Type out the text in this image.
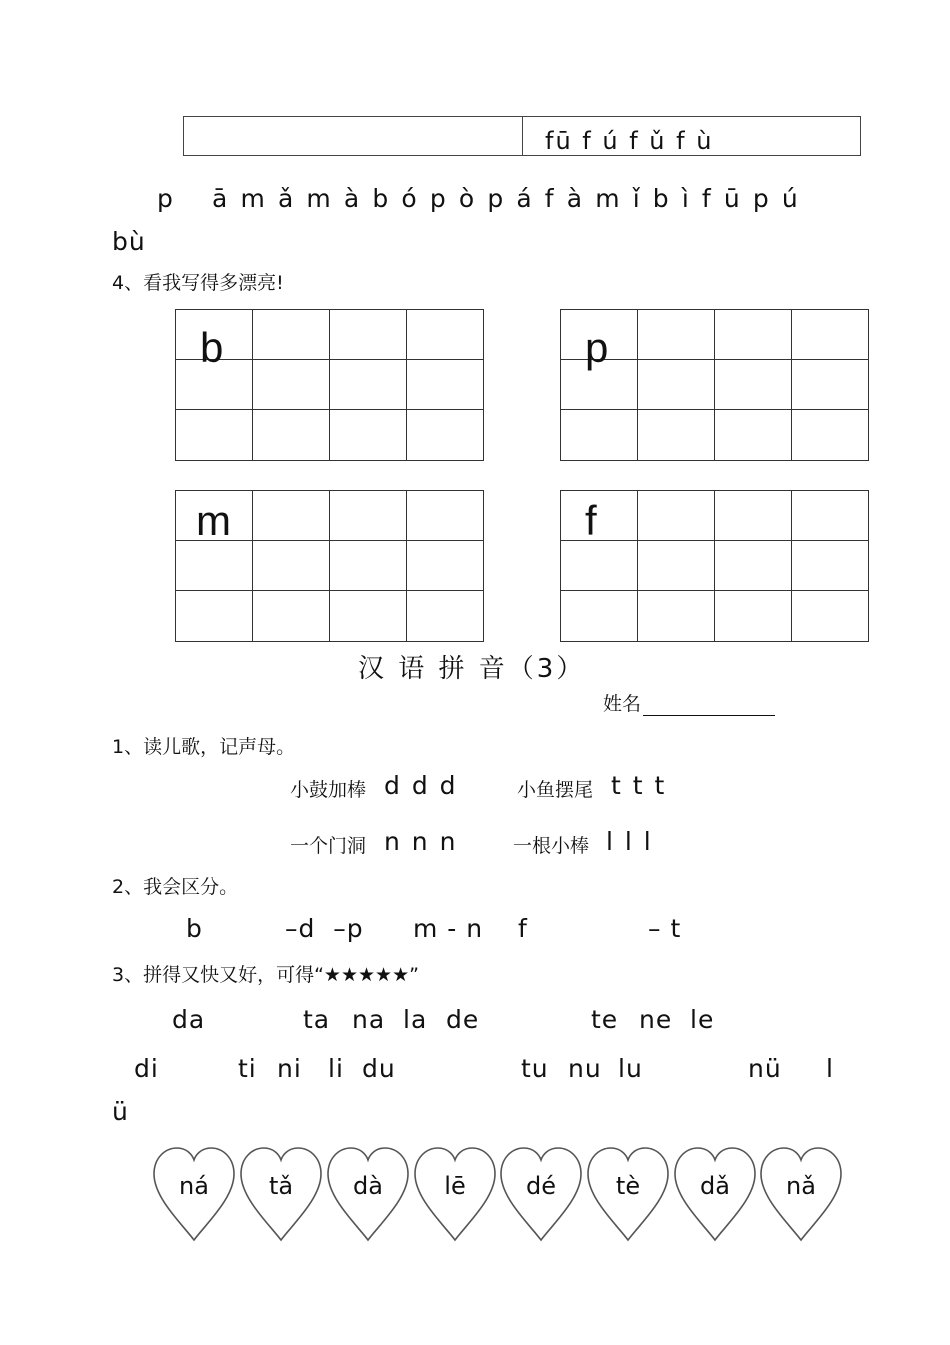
fū f ú f ǔ f ù
p ā m ǎ m à b ó p ò p á f à m ǐ b ì f ū p ú
bù
4、看我写得多漂亮!
b	p
m	f
汉 语 拼 音（3）
姓名
1、读儿歌，记声母。
小鼓加棒 d d d	小鱼摆尾 t t t
一个门洞 n n n	一根小棒 l l l
2、我会区分。
b	–d  –p m - n f	– t
3、拼得又快又好，可得“★★★★★”
da	ta na la de	te ne le
di	ti ni li du	tu nu lu	nü l
ü
ná	tǎ	dà	lē	dé	tè	dǎ	nǎ
